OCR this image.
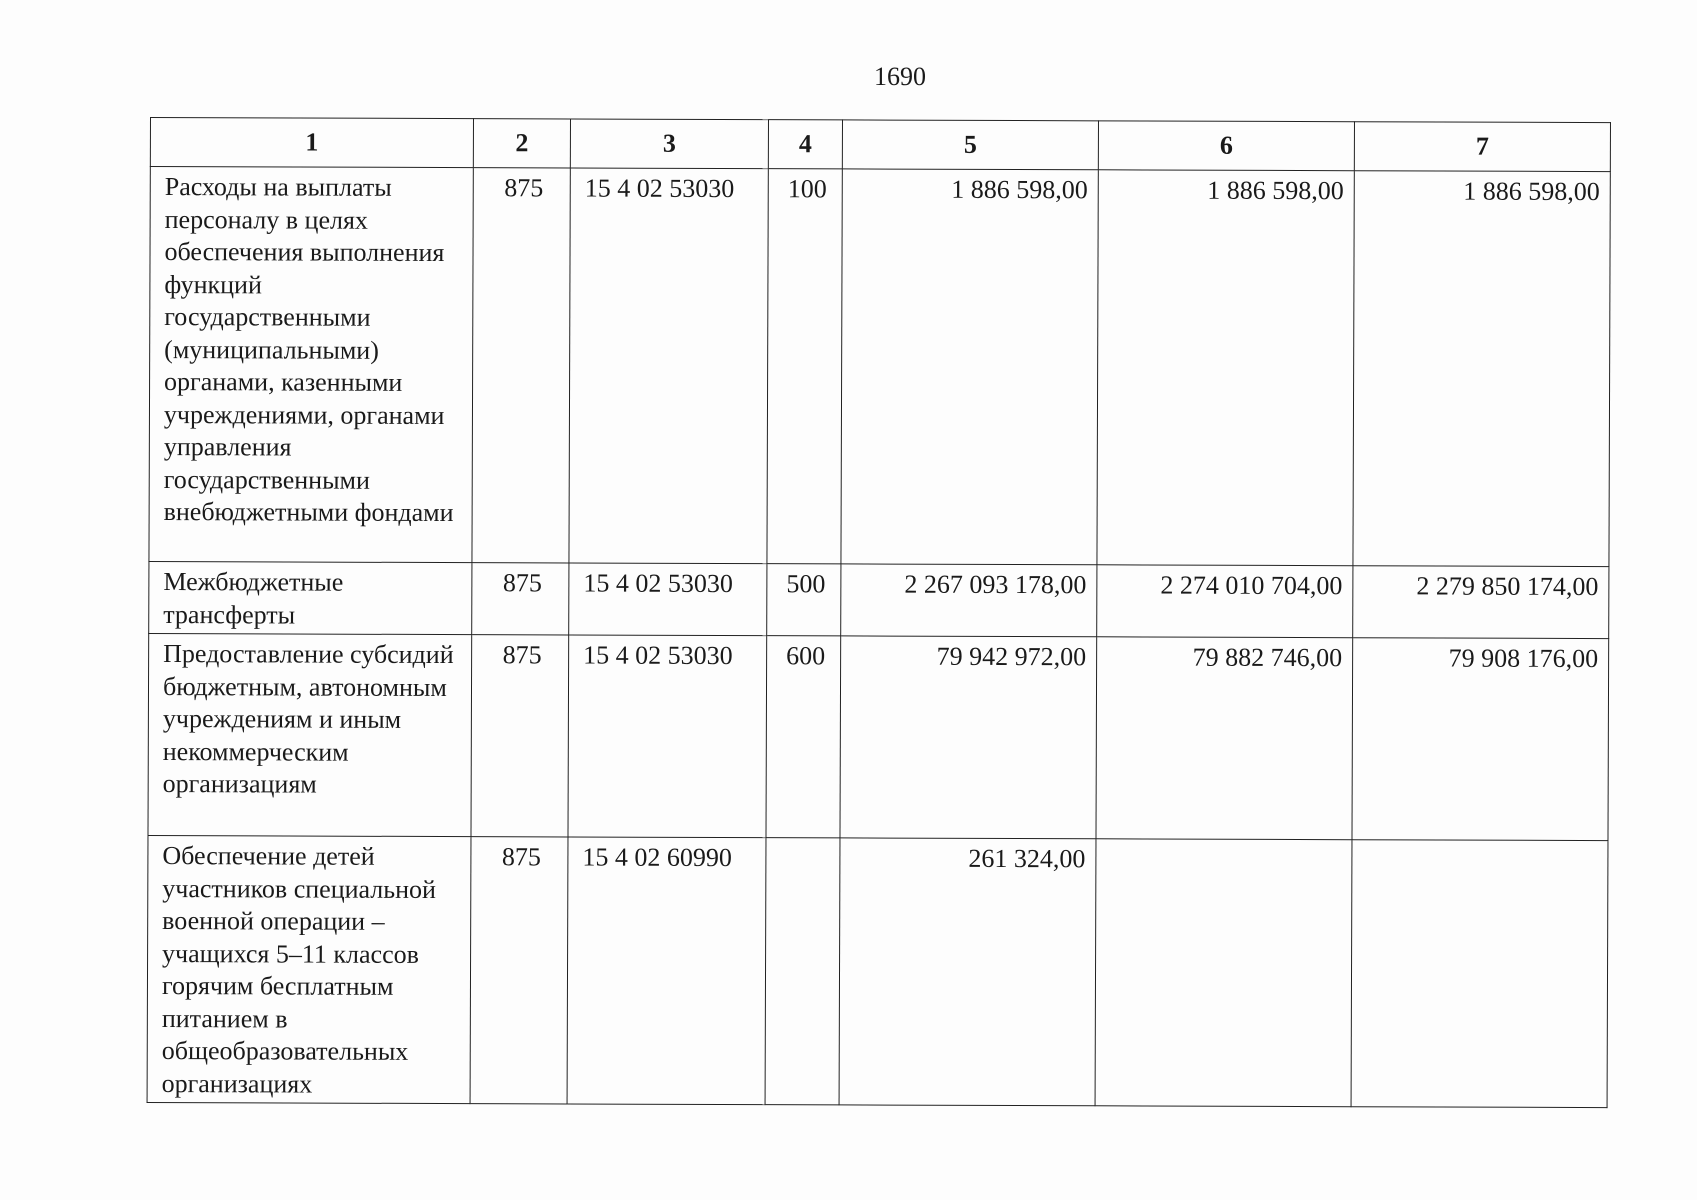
1690
1	2	3	4	5	6	7
Расходы на выплаты персоналу в целях обеспечения выполнения функций государственными (муниципальными) органами, казенными учреждениями, органами управления государственными внебюджетными фондами	875	15 4 02 53030	100	1 886 598,00	1 886 598,00	1 886 598,00
Межбюджетные трансферты	875	15 4 02 53030	500	2 267 093 178,00	2 274 010 704,00	2 279 850 174,00
Предоставление субсидий бюджетным, автономным учреждениям и иным некоммерческим организациям	875	15 4 02 53030	600	79 942 972,00	79 882 746,00	79 908 176,00
Обеспечение детей участников специальной военной операции – учащихся 5–11 классов горячим бесплатным питанием в общеобразовательных организациях	875	15 4 02 60990		261 324,00		
